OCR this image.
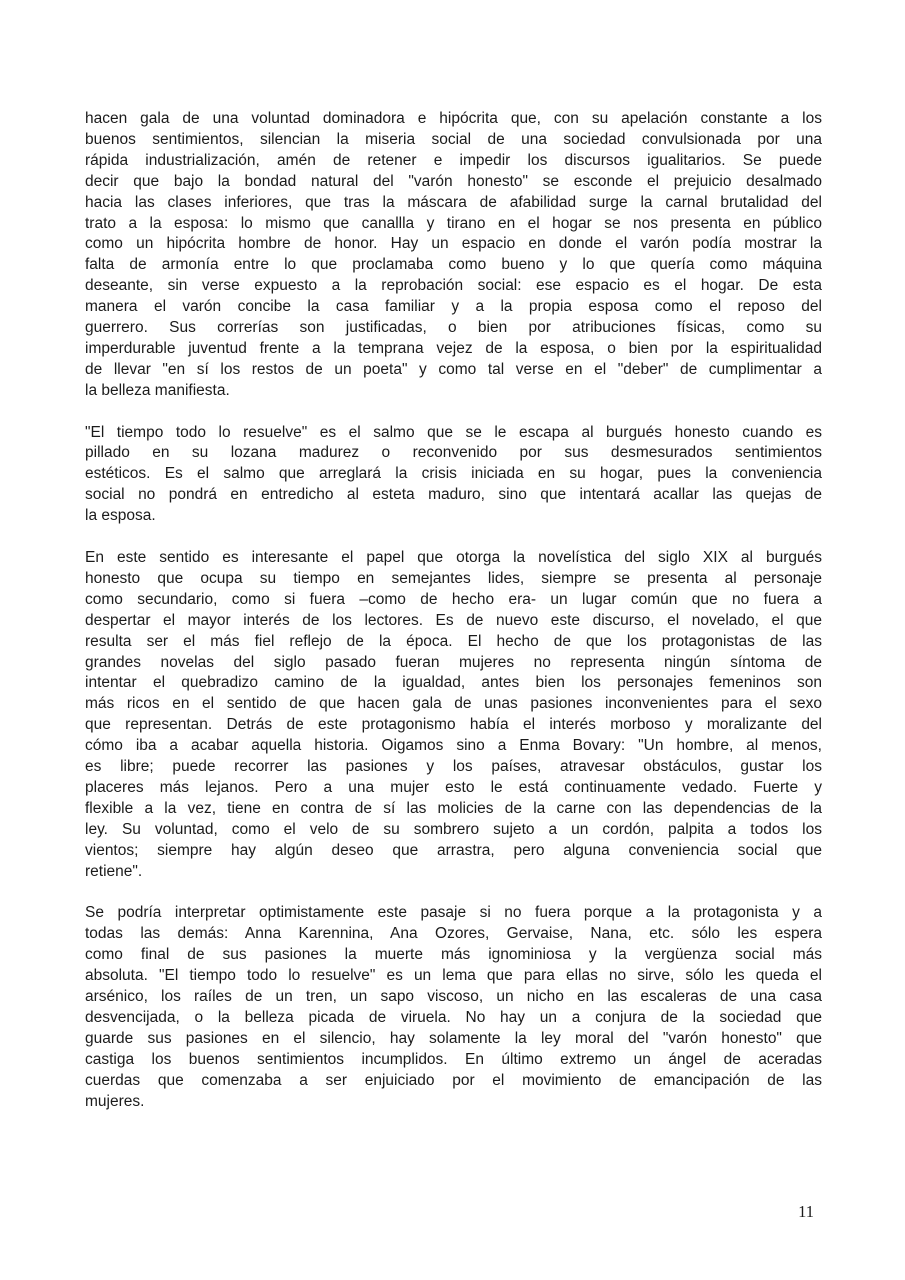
hacen gala de una voluntad dominadora e hipócrita que, con su apelación constante a los
buenos sentimientos, silencian la miseria social de una sociedad convulsionada por una
rápida industrialización, amén de retener e impedir los discursos igualitarios. Se puede
decir que bajo la bondad natural del "varón honesto" se esconde el prejuicio desalmado
hacia las clases inferiores, que tras la máscara de afabilidad surge la carnal brutalidad del
trato a la esposa: lo mismo que canallla y tirano en el hogar se nos presenta en público
como un hipócrita hombre de honor. Hay un espacio en donde el varón podía mostrar la
falta de armonía entre lo que proclamaba como bueno y lo que quería como máquina
deseante, sin verse expuesto a la reprobación social: ese espacio es el hogar. De esta
manera el varón concibe la casa familiar y a la propia esposa como el reposo del
guerrero. Sus correrías son justificadas, o bien por atribuciones físicas, como su
imperdurable juventud frente a la temprana vejez de la esposa, o bien por la espiritualidad
de llevar "en sí los restos de un poeta" y como tal verse en el "deber" de cumplimentar a
la belleza manifiesta.
"El tiempo todo lo resuelve" es el salmo que se le escapa al burgués honesto cuando es
pillado en su lozana madurez o reconvenido por sus desmesurados sentimientos
estéticos. Es el salmo que arreglará la crisis iniciada en su hogar, pues la conveniencia
social no pondrá en entredicho al esteta maduro, sino que intentará acallar las quejas de
la esposa.
En este sentido es interesante el papel que otorga la novelística del siglo XIX al burgués
honesto que ocupa su tiempo en semejantes lides, siempre se presenta al personaje
como secundario, como si fuera –como de hecho era- un lugar común que no fuera a
despertar el mayor interés de los lectores. Es de nuevo este discurso, el novelado, el que
resulta ser el más fiel reflejo de la época. El hecho de que los protagonistas de las
grandes novelas del siglo pasado fueran mujeres no representa ningún síntoma de
intentar el quebradizo camino de la igualdad, antes bien los personajes femeninos son
más ricos en el sentido de que hacen gala de unas pasiones inconvenientes para el sexo
que representan. Detrás de este protagonismo había el interés morboso y moralizante del
cómo iba a acabar aquella historia. Oigamos sino a Enma Bovary: "Un hombre, al menos,
es libre; puede recorrer las pasiones y los países, atravesar obstáculos, gustar los
placeres más lejanos. Pero a una mujer esto le está continuamente vedado. Fuerte y
flexible a la vez, tiene en contra de sí las molicies de la carne con las dependencias de la
ley. Su voluntad, como el velo de su sombrero sujeto a un cordón, palpita a todos los
vientos; siempre hay algún deseo que arrastra, pero alguna conveniencia social que
retiene".
Se podría interpretar optimistamente este pasaje si no fuera porque a la protagonista y a
todas las demás: Anna Karennina, Ana Ozores, Gervaise, Nana, etc. sólo les espera
como final de sus pasiones la muerte más ignominiosa y la vergüenza social más
absoluta. "El tiempo todo lo resuelve" es un lema que para ellas no sirve, sólo les queda el
arsénico, los raíles de un tren, un sapo viscoso, un nicho en las escaleras de una casa
desvencijada, o la belleza picada de viruela. No hay un a conjura de la sociedad que
guarde sus pasiones en el silencio, hay solamente la ley moral del "varón honesto" que
castiga los buenos sentimientos incumplidos. En último extremo un ángel de aceradas
cuerdas que comenzaba a ser enjuiciado por el movimiento de emancipación de las
mujeres.
11
